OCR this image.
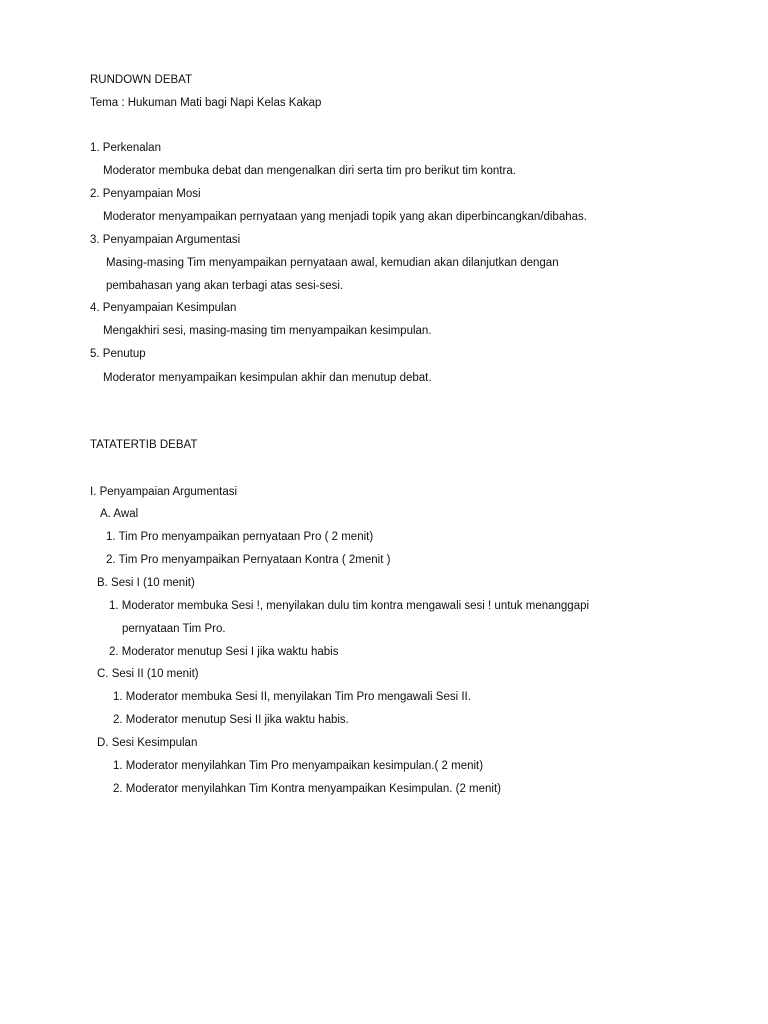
RUNDOWN DEBAT
Tema : Hukuman Mati bagi Napi Kelas Kakap
1. Perkenalan
Moderator membuka debat dan mengenalkan diri serta tim pro berikut tim kontra.
2. Penyampaian Mosi
Moderator menyampaikan pernyataan yang menjadi topik yang akan diperbincangkan/dibahas.
3. Penyampaian Argumentasi
Masing-masing Tim menyampaikan pernyataan awal, kemudian akan dilanjutkan dengan
pembahasan yang akan terbagi atas sesi-sesi.
4. Penyampaian Kesimpulan
Mengakhiri sesi, masing-masing tim menyampaikan kesimpulan.
5. Penutup
Moderator menyampaikan kesimpulan akhir dan menutup debat.
TATATERTIB DEBAT
I. Penyampaian Argumentasi
A. Awal
1. Tim Pro menyampaikan pernyataan Pro ( 2 menit)
2. Tim Pro menyampaikan Pernyataan Kontra ( 2menit )
B. Sesi I (10 menit)
1. Moderator membuka Sesi !, menyilakan dulu tim kontra mengawali sesi ! untuk menanggapi
pernyataan Tim Pro.
2. Moderator menutup Sesi I jika waktu habis
C. Sesi II (10 menit)
1. Moderator membuka Sesi II, menyilakan Tim Pro mengawali Sesi II.
2. Moderator menutup Sesi II jika waktu habis.
D. Sesi Kesimpulan
1. Moderator menyilahkan Tim Pro menyampaikan kesimpulan.( 2 menit)
2. Moderator menyilahkan Tim Kontra menyampaikan Kesimpulan. (2 menit)
